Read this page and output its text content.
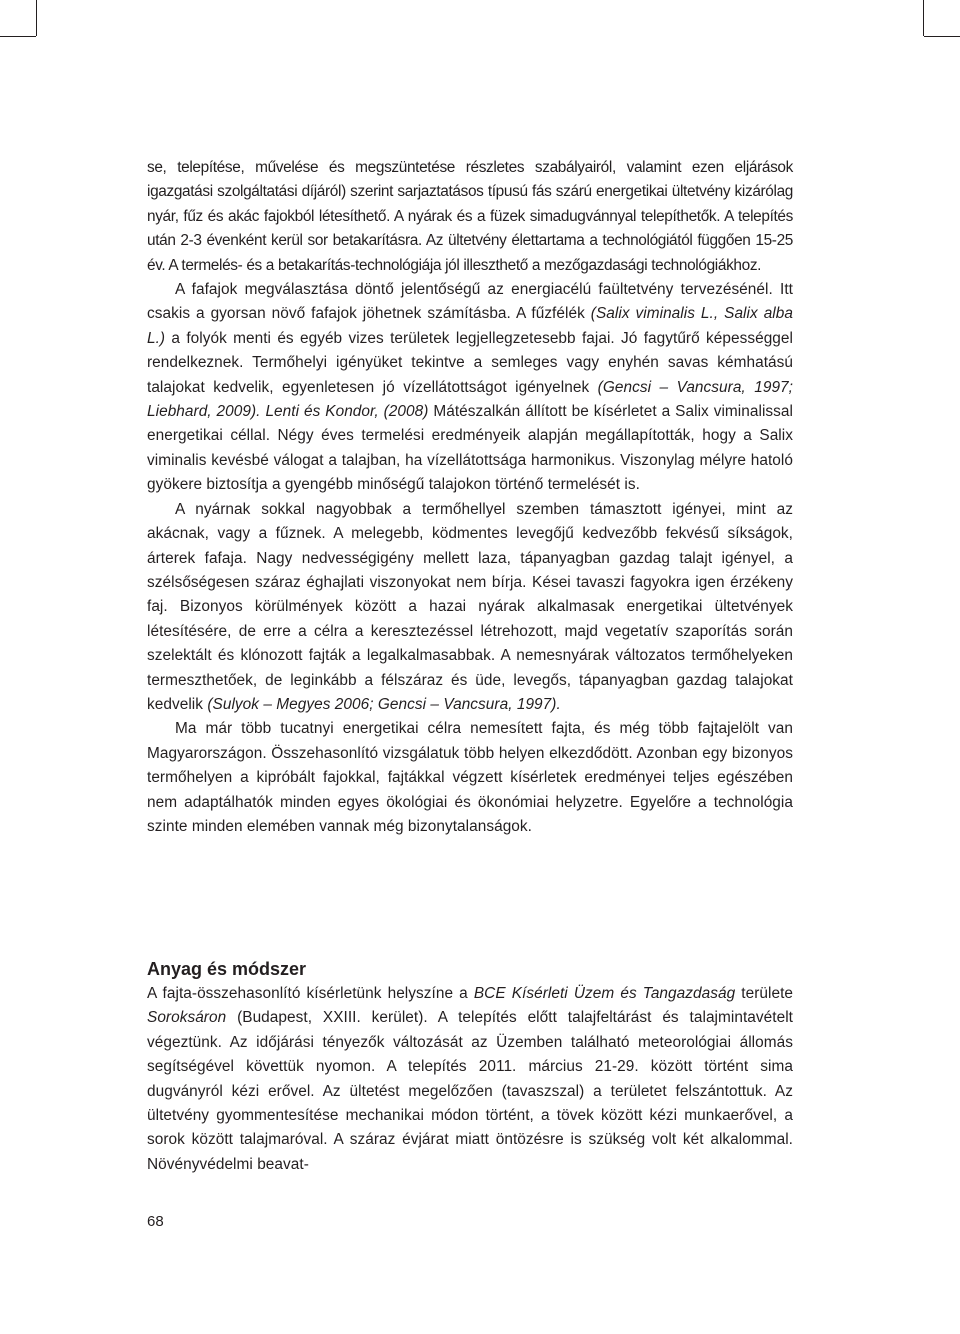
se, telepítése, művelése és megszüntetése részletes szabályairól, valamint ezen eljárások igazgatási szolgáltatási díjáról) szerint sarjaztatásos típusú fás szárú energetikai ültetvény kizárólag nyár, fűz és akác fajokból létesíthető. A nyárak és a füzek simadugvánnyal telepíthetők. A telepítés után 2-3 évenként kerül sor betakarításra. Az ültetvény élettartama a technológiától függően 15-25 év. A termelés- és a betakarítás-technológiája jól illeszthető a mezőgazdasági technológiákhoz.

A fafajok megválasztása döntő jelentőségű az energiacélú faültetvény tervezésénél. Itt csakis a gyorsan növő fafajok jöhetnek számításba. A fűzfélék (Salix viminalis L., Salix alba L.) a folyók menti és egyéb vizes területek legjellegzetesebb fajai. Jó fagytűrő képességgel rendelkeznek. Termőhelyi igényüket tekintve a semleges vagy enyhén savas kémhatású talajokat kedvelik, egyenletesen jó vízellátottságot igényelnek (Gencsi – Vancsura, 1997; Liebhard, 2009). Lenti és Kondor, (2008) Mátészalkán állított be kísérletet a Salix viminalissal energetikai céllal. Négy éves termelési eredményeik alapján megállapították, hogy a Salix viminalis kevésbé válogat a talajban, ha vízellátottsága harmonikus. Viszonylag mélyre hatoló gyökere biztosítja a gyengébb minőségű talajokon történő termelését is.

A nyárnak sokkal nagyobbak a termőhellyel szemben támasztott igényei, mint az akácnak, vagy a fűznek. A melegebb, ködmentes levegőjű kedvezőbb fekvésű síkságok, árterek fafaja. Nagy nedvességigény mellett laza, tápanyagban gazdag talajt igényel, a szélsőségesen száraz éghajlati viszonyokat nem bírja. Kései tavaszi fagyokra igen érzékeny faj. Bizonyos körülmények között a hazai nyárak alkalmasak energetikai ültetvények létesítésére, de erre a célra a keresztezéssel létrehozott, majd vegetatív szaporítás során szelektált és klónozott fajták a legalkalmasabbak. A nemesnyárak változatos termőhelyeken termeszthetőek, de leginkább a félszáraz és üde, levegős, tápanyagban gazdag talajokat kedvelik (Sulyok – Megyes 2006; Gencsi – Vancsura, 1997).

Ma már több tucatnyi energetikai célra nemesített fajta, és még több fajtajelölt van Magyarországon. Összehasonlító vizsgálatuk több helyen elkezdődött. Azonban egy bizonyos termőhelyen a kipróbált fajokkal, fajtákkal végzett kísérletek eredményei teljes egészében nem adaptálhatók minden egyes ökológiai és ökonómiai helyzetre. Egyelőre a technológia szinte minden elemében vannak még bizonytalanságok.

Anyag és módszer

A fajta-összehasonlító kísérletünk helyszíne a BCE Kísérleti Üzem és Tangazdaság területe Soroksáron (Budapest, XXIII. kerület). A telepítés előtt talajfeltárást és talajmintavételt végeztünk. Az időjárási tényezők változását az Üzemben található meteorológiai állomás segítségével követtük nyomon. A telepítés 2011. március 21-29. között történt sima dugványról kézi erővel. Az ültetést megelőzően (tavaszszal) a területet felszántottuk. Az ültetvény gyommentesítése mechanikai módon történt, a tövek között kézi munkaerővel, a sorok között talajmaróval. A száraz évjárat miatt öntözésre is szükség volt két alkalommal. Növényvédelmi beavat-

68
